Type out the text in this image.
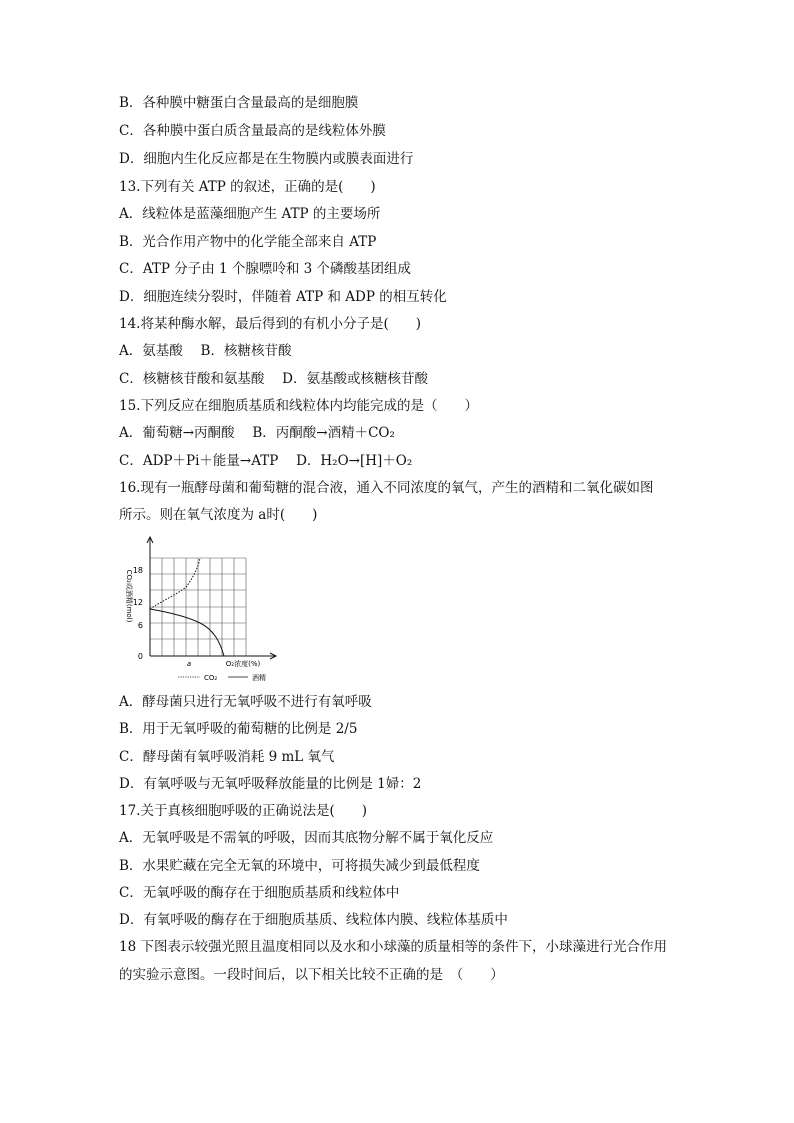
B．各种膜中糖蛋白含量最高的是细胞膜
C．各种膜中蛋白质含量最高的是线粒体外膜
D．细胞内生化反应都是在生物膜内或膜表面进行
13.下列有关 ATP 的叙述，正确的是(　　)
A．线粒体是蓝藻细胞产生 ATP 的主要场所
B．光合作用产物中的化学能全部来自 ATP
C．ATP 分子由 1 个腺嘌呤和 3 个磷酸基团组成
D．细胞连续分裂时，伴随着 ATP 和 ADP 的相互转化
14.将某种酶水解，最后得到的有机小分子是(　　)
A．氨基酸　 B．核糖核苷酸
C．核糖核苷酸和氨基酸　 D．氨基酸或核糖核苷酸
15.下列反应在细胞质基质和线粒体内均能完成的是（　　）
A．葡萄糖→丙酮酸　 B．丙酮酸→酒精＋CO₂
C．ADP＋Pi＋能量→ATP　 D．H₂O→[H]＋O₂
16.现有一瓶酵母菌和葡萄糖的混合液，通入不同浓度的氧气，产生的酒精和二氧化碳如图
所示。则在氧气浓度为 a时(　　)
18
12
6
0
CO₂或酒精(mol)
a	O₂浓度(%)
CO₂	酒精
A．酵母菌只进行无氧呼吸不进行有氧呼吸
B．用于无氧呼吸的葡萄糖的比例是 2/5
C．酵母菌有氧呼吸消耗 9 mL 氧气
D．有氧呼吸与无氧呼吸释放能量的比例是 1婦：2
17.关于真核细胞呼吸的正确说法是(　　)
A．无氧呼吸是不需氧的呼吸，因而其底物分解不属于氧化反应
B．水果贮藏在完全无氧的环境中，可将损失减少到最低程度
C．无氧呼吸的酶存在于细胞质基质和线粒体中
D．有氧呼吸的酶存在于细胞质基质、线粒体内膜、线粒体基质中
18 下图表示较强光照且温度相同以及水和小球藻的质量相等的条件下，小球藻进行光合作用的实验示意图。一段时间后，以下相关比较不正确的是　（　　）
